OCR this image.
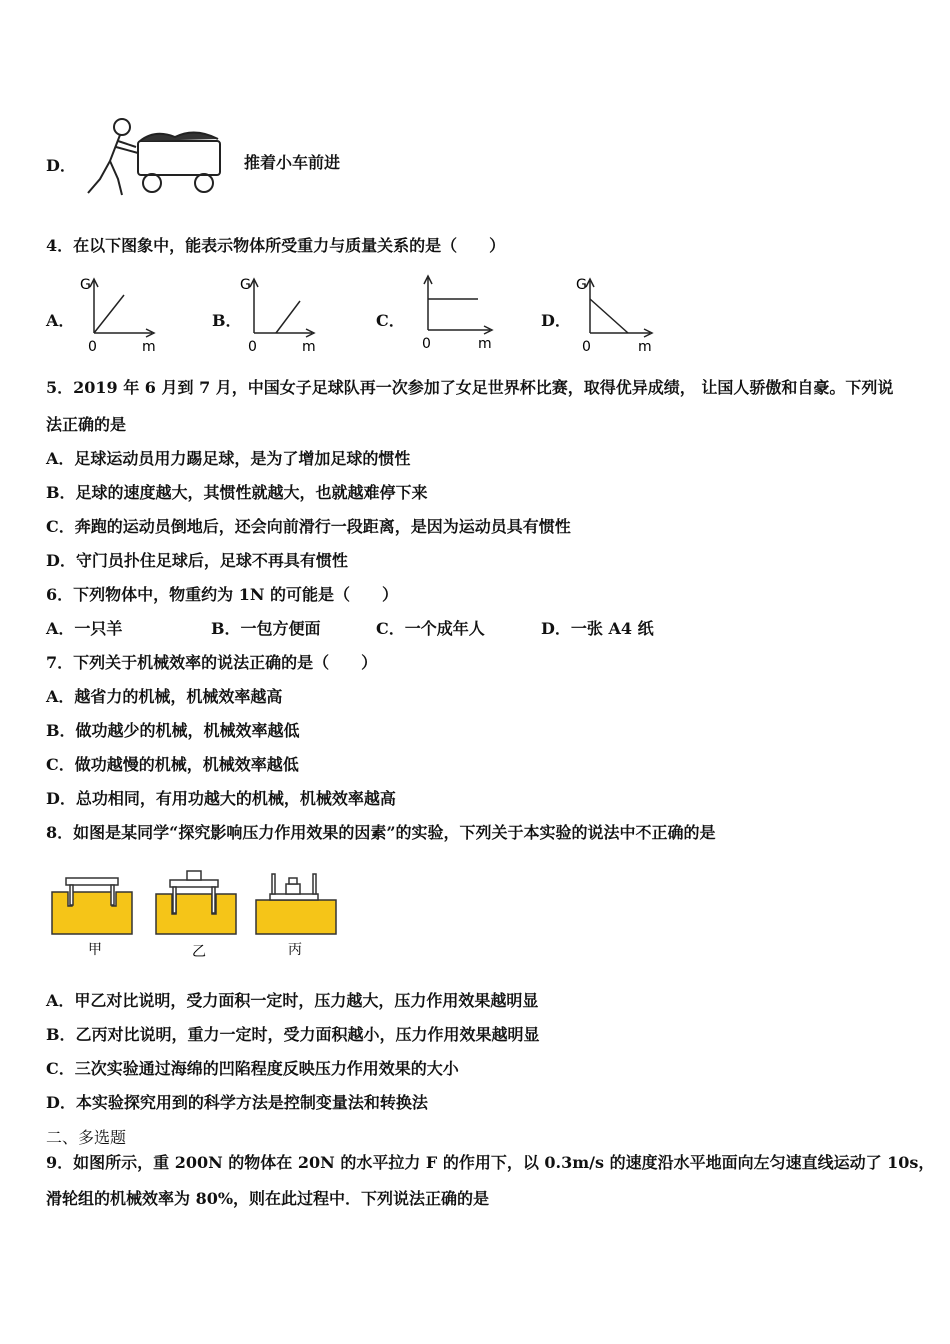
D．	推着小车前进
4．在以下图象中，能表示物体所受重力与质量关系的是（　　）
A．
G
0	m
B．
G
0	m
C．
0	m
D．
G
0	m
5．2019 年 6 月到 7 月，中国女子足球队再一次参加了女足世界杯比赛，取得优异成绩， 让国人骄傲和自豪。下列说
法正确的是
A．足球运动员用力踢足球，是为了增加足球的惯性
B．足球的速度越大，其惯性就越大，也就越难停下来
C．奔跑的运动员倒地后，还会向前滑行一段距离，是因为运动员具有惯性
D．守门员扑住足球后，足球不再具有惯性
6．下列物体中，物重约为 1N 的可能是（　　）
A．一只羊	B．一包方便面	C．一个成年人	D．一张 A4 纸
7．下列关于机械效率的说法正确的是（　　）
A．越省力的机械，机械效率越高
B．做功越少的机械，机械效率越低
C．做功越慢的机械，机械效率越低
D．总功相同，有用功越大的机械，机械效率越高
8．如图是某同学“探究影响压力作用效果的因素”的实验，下列关于本实验的说法中不正确的是
甲	乙	丙
A．甲乙对比说明，受力面积一定时，压力越大，压力作用效果越明显
B．乙丙对比说明，重力一定时，受力面积越小，压力作用效果越明显
C．三次实验通过海绵的凹陷程度反映压力作用效果的大小
D．本实验探究用到的科学方法是控制变量法和转换法
二、多选题
9．如图所示，重 200N 的物体在 20N 的水平拉力 F 的作用下，以 0.3m/s 的速度沿水平地面向左匀速直线运动了 10s，
滑轮组的机械效率为 80%，则在此过程中．下列说法正确的是
